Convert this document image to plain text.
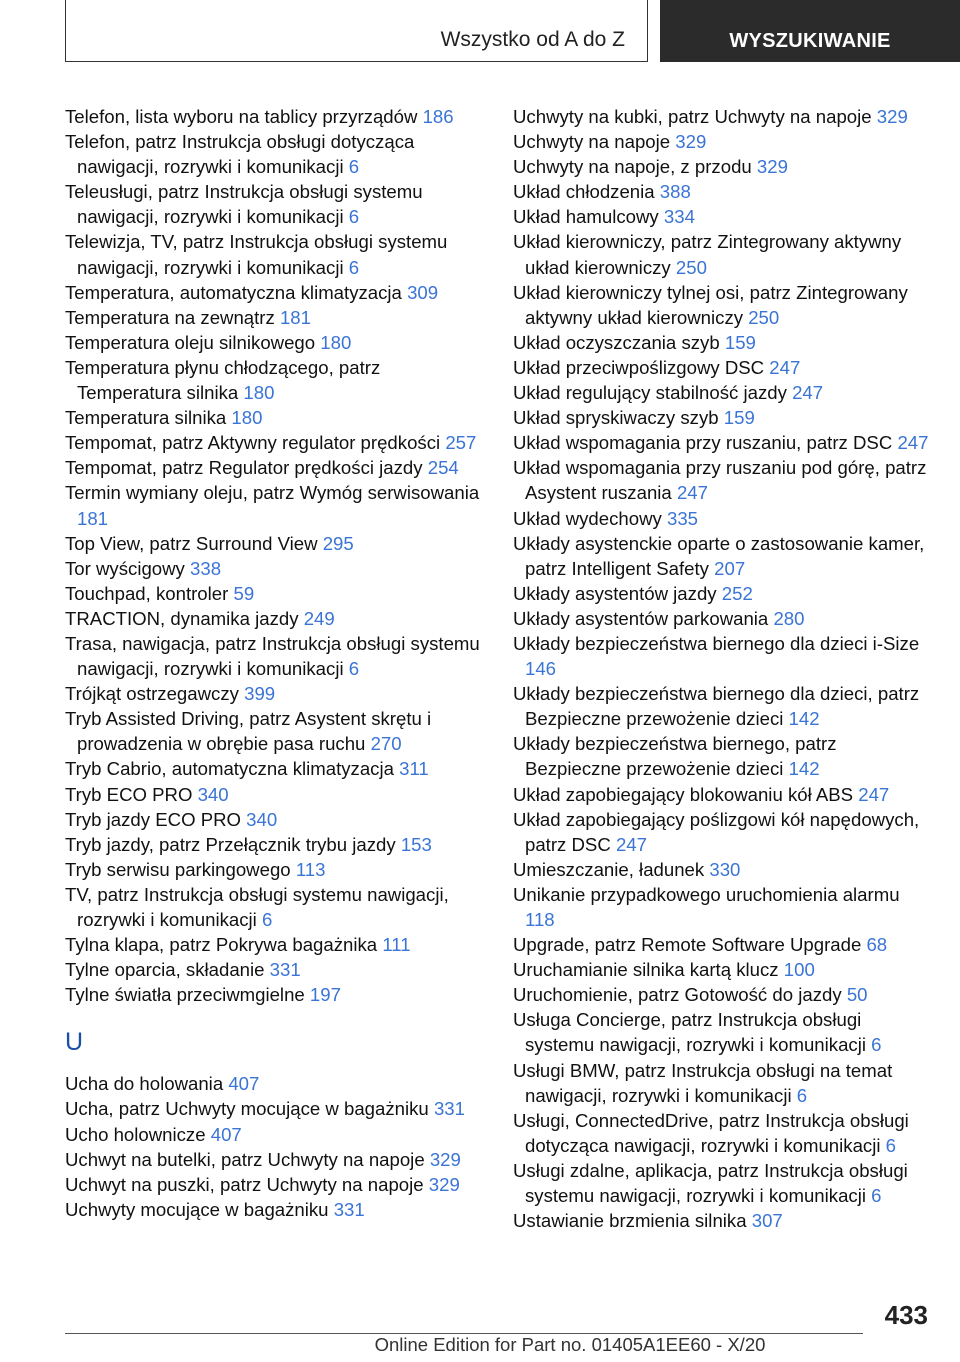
Wszystko od A do Z	WYSZUKIWANIE

Telefon, lista wyboru na tablicy przyrządów 186

Telefon, patrz Instrukcja obsługi dotycząca nawigacji, rozrywki i komunikacji 6

Teleusługi, patrz Instrukcja obsługi systemu nawigacji, rozrywki i komunikacji 6

Telewizja, TV, patrz Instrukcja obsługi systemu nawigacji, rozrywki i komunikacji 6

Temperatura, automatyczna klimatyzacja 309

Temperatura na zewnątrz 181

Temperatura oleju silnikowego 180

Temperatura płynu chłodzącego, patrz Temperatura silnika 180

Temperatura silnika 180

Tempomat, patrz Aktywny regulator prędkości 257

Tempomat, patrz Regulator prędkości jazdy 254

Termin wymiany oleju, patrz Wymóg serwisowania 181

Top View, patrz Surround View 295

Tor wyścigowy 338

Touchpad, kontroler 59

TRACTION, dynamika jazdy 249

Trasa, nawigacja, patrz Instrukcja obsługi systemu nawigacji, rozrywki i komunikacji 6

Trójkąt ostrzegawczy 399

Tryb Assisted Driving, patrz Asystent skrętu i prowadzenia w obrębie pasa ruchu 270

Tryb Cabrio, automatyczna klimatyzacja 311

Tryb ECO PRO 340

Tryb jazdy ECO PRO 340

Tryb jazdy, patrz Przełącznik trybu jazdy 153

Tryb serwisu parkingowego 113

TV, patrz Instrukcja obsługi systemu nawigacji, rozrywki i komunikacji 6

Tylna klapa, patrz Pokrywa bagażnika 111

Tylne oparcia, składanie 331

Tylne światła przeciwmgielne 197

U

Ucha do holowania 407

Ucha, patrz Uchwyty mocujące w bagażniku 331

Ucho holownicze 407

Uchwyt na butelki, patrz Uchwyty na napoje 329

Uchwyt na puszki, patrz Uchwyty na napoje 329

Uchwyty mocujące w bagażniku 331

Uchwyty na kubki, patrz Uchwyty na napoje 329

Uchwyty na napoje 329

Uchwyty na napoje, z przodu 329

Układ chłodzenia 388

Układ hamulcowy 334

Układ kierowniczy, patrz Zintegrowany aktywny układ kierowniczy 250

Układ kierowniczy tylnej osi, patrz Zintegrowany aktywny układ kierowniczy 250

Układ oczyszczania szyb 159

Układ przeciwpoślizgowy DSC 247

Układ regulujący stabilność jazdy 247

Układ spryskiwaczy szyb 159

Układ wspomagania przy ruszaniu, patrz DSC 247

Układ wspomagania przy ruszaniu pod górę, patrz Asystent ruszania 247

Układ wydechowy 335

Układy asystenckie oparte o zastosowanie kamer, patrz Intelligent Safety 207

Układy asystentów jazdy 252

Układy asystentów parkowania 280

Układy bezpieczeństwa biernego dla dzieci i-Size 146

Układy bezpieczeństwa biernego dla dzieci, patrz Bezpieczne przewożenie dzieci 142

Układy bezpieczeństwa biernego, patrz Bezpieczne przewożenie dzieci 142

Układ zapobiegający blokowaniu kół ABS 247

Układ zapobiegający poślizgowi kół napędowych, patrz DSC 247

Umieszczanie, ładunek 330

Unikanie przypadkowego uruchomienia alarmu 118

Upgrade, patrz Remote Software Upgrade 68

Uruchamianie silnika kartą klucz 100

Uruchomienie, patrz Gotowość do jazdy 50

Usługa Concierge, patrz Instrukcja obsługi systemu nawigacji, rozrywki i komunikacji 6

Usługi BMW, patrz Instrukcja obsługi na temat nawigacji, rozrywki i komunikacji 6

Usługi, ConnectedDrive, patrz Instrukcja obsługi dotycząca nawigacji, rozrywki i komunikacji 6

Usługi zdalne, aplikacja, patrz Instrukcja obsługi systemu nawigacji, rozrywki i komunikacji 6

Ustawianie brzmienia silnika 307

433
Online Edition for Part no. 01405A1EE60 - X/20
